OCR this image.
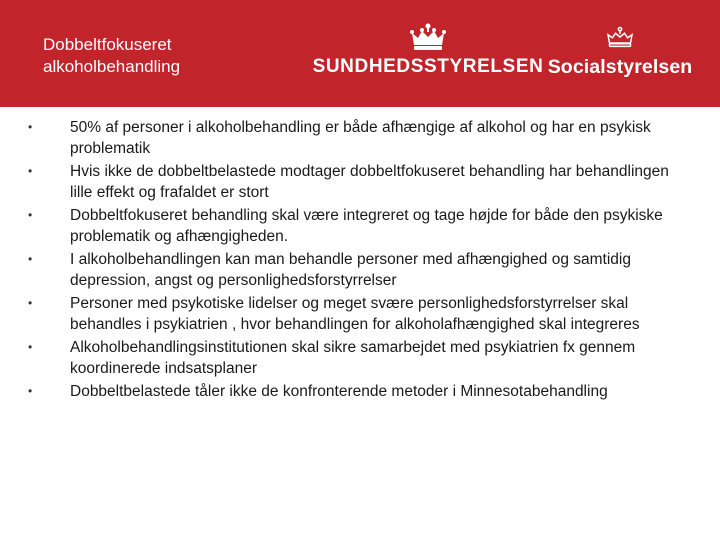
Dobbeltfokuseret alkoholbehandling	SUNDHEDSSTYRELSEN Socialstyrelsen
•	50% af personer i alkoholbehandling er både afhængige af alkohol og har en psykisk problematik
•	Hvis ikke de dobbeltbelastede modtager dobbeltfokuseret behandling har behandlingen lille effekt og frafaldet er stort
•	Dobbeltfokuseret behandling skal være integreret og tage højde for både den psykiske problematik og afhængigheden.
•	I alkoholbehandlingen kan man behandle personer med afhængighed og samtidig depression, angst og personlighedsforstyrrelser
•	Personer med psykotiske lidelser og meget svære personlighedsforstyrrelser skal behandles i psykiatrien , hvor behandlingen for alkoholafhængighed skal integreres
•	Alkoholbehandlingsinstitutionen skal sikre samarbejdet med psykiatrien fx gennem koordinerede indsatsplaner
•	Dobbeltbelastede tåler ikke de konfronterende metoder i Minnesotabehandling
